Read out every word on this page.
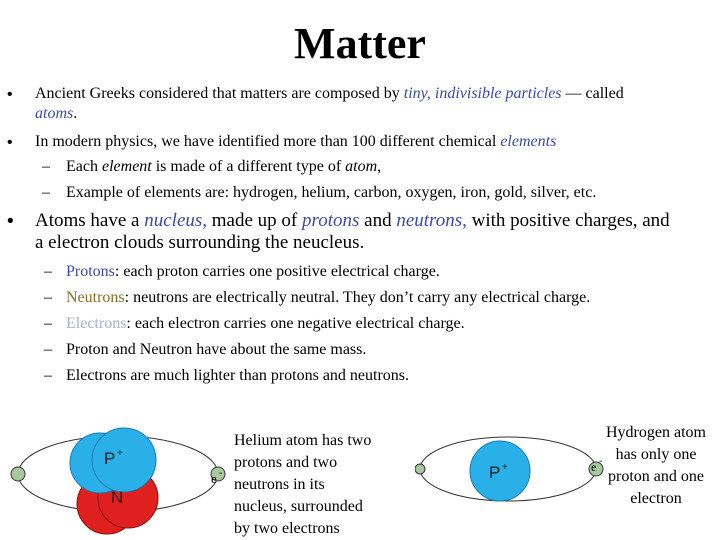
Matter
• Ancient Greeks considered that matters are composed by tiny, indivisible particles — called
atoms.
• In modern physics, we have identified more than 100 different chemical elements
– Each element is made of a different type of atom,
– Example of elements are: hydrogen, helium, carbon, oxygen, iron, gold, silver, etc.
• Atoms have a nucleus, made up of protons and neutrons, with positive charges, and
a electron clouds surrounding the neucleus.
– Protons: each proton carries one positive electrical charge.
– Neutrons: neutrons are electrically neutral. They don’t carry any electrical charge.
– Electrons: each electron carries one negative electrical charge.
– Proton and Neutron have about the same mass.
– Electrons are much lighter than protons and neutrons.
P +
N
e -
Helium atom has two
protons and two
neutrons in its
nucleus, surrounded
by two electrons
P +	e -
Hydrogen atom
has only one
proton and one
electron
